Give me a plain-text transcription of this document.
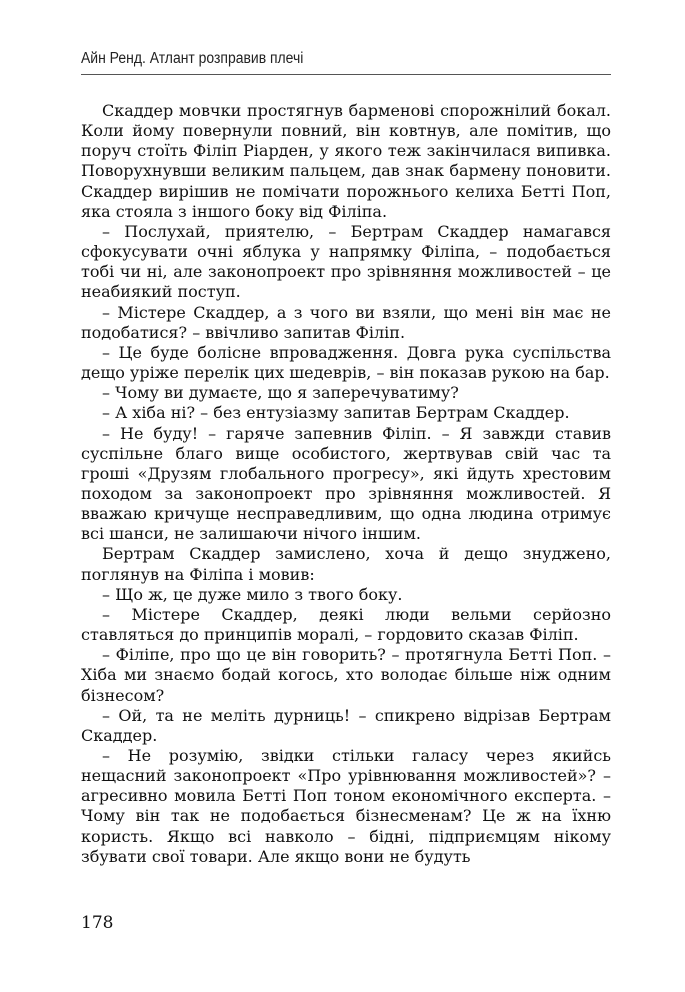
Айн Ренд. Атлант розправив плечі

Скаддер мовчки простягнув барменові спорожнілий бокал. Коли йому повернули повний, він ковтнув, але помітив, що поруч стоїть Філіп Ріарден, у якого теж закінчилася випивка. Поворухнувши великим пальцем, дав знак бармену поновити. Скаддер вирішив не помічати порожнього келиха Бетті Поп, яка стояла з іншого боку від Філіпа.

– Послухай, приятелю, – Бертрам Скаддер намагався сфокусувати очні яблука у напрямку Філіпа, – подобається тобі чи ні, але законопроект про зрівняння можливостей – це неабиякий поступ.

– Містере Скаддер, а з чого ви взяли, що мені він має не подобатися? – ввічливо запитав Філіп.

– Це буде болісне впровадження. Довга рука суспільства дещо уріже перелік цих шедеврів, – він показав рукою на бар.

– Чому ви думаєте, що я заперечуватиму?

– А хіба ні? – без ентузіазму запитав Бертрам Скаддер.

– Не буду! – гаряче запевнив Філіп. – Я завжди ставив суспільне благо вище особистого, жертвував свій час та гроші «Друзям глобального прогресу», які йдуть хрестовим походом за законопроект про зрівняння можливостей. Я вважаю кричуще несправедливим, що одна людина отримує всі шанси, не залишаючи нічого іншим.

Бертрам Скаддер замислено, хоча й дещо знуджено, поглянув на Філіпа і мовив:

– Що ж, це дуже мило з твого боку.

– Містере Скаддер, деякі люди вельми серйозно ставляться до принципів моралі, – гордовито сказав Філіп.

– Філіпе, про що це він говорить? – протягнула Бетті Поп. – Хіба ми знаємо бодай когось, хто володає більше ніж одним бізнесом?

– Ой, та не меліть дурниць! – спикрено відрізав Бертрам Скаддер.

– Не розумію, звідки стільки галасу через якийсь нещасний законопроект «Про урівнювання можливостей»? – агресивно мовила Бетті Поп тоном економічного експерта. – Чому він так не подобається бізнесменам? Це ж на їхню користь. Якщо всі навколо – бідні, підприємцям нікому збувати свої товари. Але якщо вони не будуть

178
